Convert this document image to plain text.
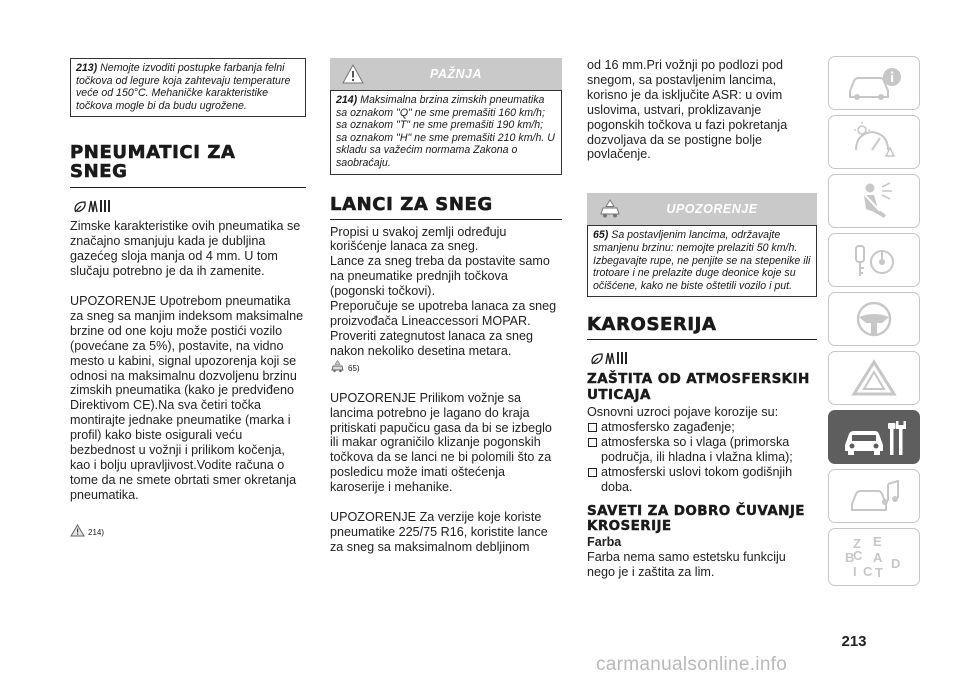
213) Nemojte izvoditi postupke farbanja felni točkova od legure koja zahtevaju temperature veće od 150°C. Mehaničke karakteristike točkova mogle bi da budu ugrožene.
PNEUMATICI ZA SNEG

Zimske karakteristike ovih pneumatika se značajno smanjuju kada je dubljina gazećeg sloja manja od 4 mm. U tom slučaju potrebno je da ih zamenite.

UPOZORENJE Upotrebom pneumatika za sneg sa manjim indeksom maksimalne brzine od one koju može postići vozilo (povećane za 5%), postavite, na vidno mesto u kabini, signal upozorenja koji se odnosi na maksimalnu dozvoljenu brzinu zimskih pneumatika (kako je predviđeno Direktivom CE).Na sva četiri točka montirajte jednake pneumatike (marka i profil) kako biste osigurali veću bezbednost u vožnji i prilikom kočenja, kao i bolju upravljivost.Vodite računa o tome da ne smete obrtati smer okretanja pneumatika.

214)
PAŽNJA
214) Maksimalna brzina zimskih pneumatika sa oznakom "Q" ne sme premašiti 160 km/h; sa oznakom "T" ne sme premašiti 190 km/h; sa oznakom "H" ne sme premašiti 210 km/h. U skladu sa važećim normama Zakona o saobraćaju.
LANCI ZA SNEG

Propisi u svakoj zemlji određuju korišćenje lanaca za sneg.

Lance za sneg treba da postavite samo na pneumatike prednjih točkova (pogonski točkovi).

Preporučuje se upotreba lanaca za sneg proizvođača Lineaccessori MOPAR. Proveriti zategnutost lanaca za sneg nakon nekoliko desetina metara.

65)

UPOZORENJE Prilikom vožnje sa lancima potrebno je lagano do kraja pritiskati papučicu gasa da bi se izbeglo ili makar ograničilo klizanje pogonskih točkova da se lanci ne bi polomili što za posledicu može imati oštećenja karoserije i mehanike.

UPOZORENJE Za verzije koje koriste pneumatike 225/75 R16, koristite lance za sneg sa maksimalnom debljinom

od 16 mm.Pri vožnji po podlozi pod snegom, sa postavljenim lancima, korisno je da isključite ASR: u ovim uslovima, ustvari, proklizavanje pogonskih točkova u fazi pokretanja dozvoljava da se postigne bolje povlačenje.

UPOZORENJE
65) Sa postavljenim lancima, održavajte smanjenu brzinu: nemojte prelaziti 50 km/h. Izbegavajte rupe, ne penjite se na stepenike ili trotoare i ne prelazite duge deonice koje su očišćene, kako ne biste oštetili vozilo i put.
KAROSERIJA
ZAŠTITA OD ATMOSFERSKIH UTICAJA

Osnovni uzroci pojave korozije su:

atmosfersko zagađenje;
atmosferska so i vlaga (primorska područja, ili hladna i vlažna klima);
atmosferski uslovi tokom godišnjih doba.
SAVETI ZA DOBRO ČUVANJE KROSERIJE
Farba

Farba nema samo estetsku funkciju nego je i zaštita za lim.

Z E
B A
C
I C T
D
213
carmanualsonline.info
